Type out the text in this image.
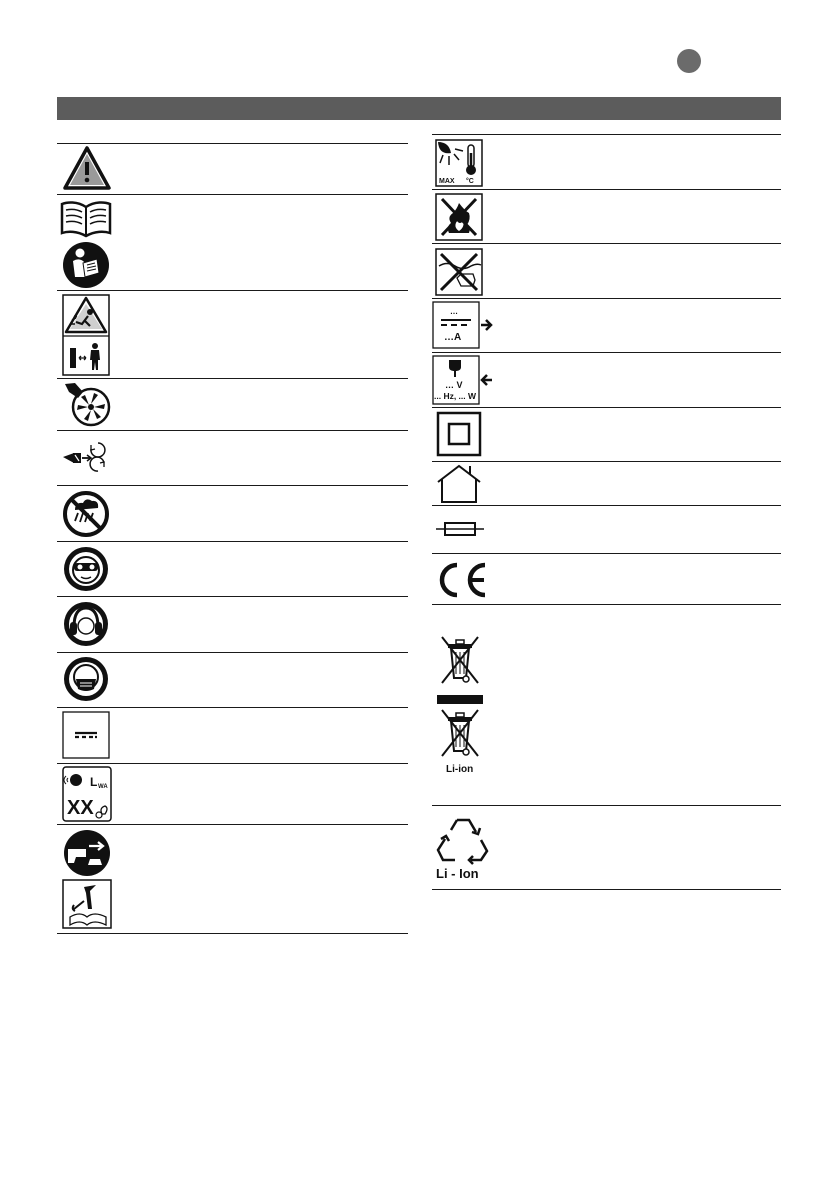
L WA
XX
MAX °C
…
…A
… V
... Hz, ... W
Li-ion
Li - Ion
